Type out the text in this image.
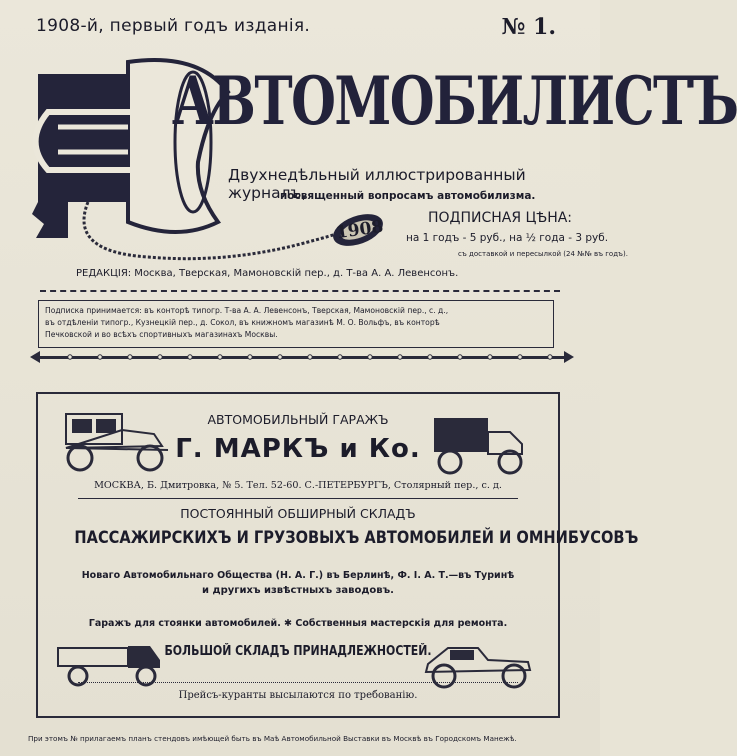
1908-й, первый годъ изданія.	№ 1.
1908
АВТОМОБИЛИСТЪ
Двухнедѣльный иллюстрированный журналъ,
посвященный вопросамъ автомобилизма.
ПОДПИСНАЯ ЦѢНА:
на 1 годъ - 5 руб., на ½ года - 3 руб.
съ доставкой и пересылкой (24 №№ въ годъ).
РЕДАКЦІЯ: Москва, Тверская, Мамоновскій пер., д. Т-ва А. А. Левенсонъ.
Подписка принимается: въ конторѣ типогр. Т-ва А. А. Левенсонъ, Тверская, Мамоновскій пер., с. д.,
въ отдѣленіи типогр., Кузнецкій пер., д. Сокол, въ книжномъ магазинѣ М. О. Вольфъ, въ конторѣ
Печковской и во всѣхъ спортивныхъ магазинахъ Москвы.
АВТОМОБИЛЬНЫЙ ГАРАЖЪ
Г. МАРКЪ и Ко.
МОСКВА, Б. Дмитровка, № 5. Тел. 52-60. С.-ПЕТЕРБУРГЪ, Столярный пер., с. д.
ПОСТОЯННЫЙ ОБШИРНЫЙ СКЛАДЪ
ПАССАЖИРСКИХЪ И ГРУЗОВЫХЪ АВТОМОБИЛЕЙ И ОМНИБУСОВЪ
Новаго Автомобильнаго Общества (Н. А. Г.) въ Берлинѣ, Ф. І. А. Т.—въ Туринѣ
и другихъ извѣстныхъ заводовъ.
Гаражъ для стоянки автомобилей. ✱ Собственныя мастерскія для ремонта.
БОЛЬШОЙ СКЛАДЪ ПРИНАДЛЕЖНОСТЕЙ.
Прейсъ-куранты высылаются по требованію.
При этомъ № прилагаемъ планъ стендовъ имѣющей быть въ Маѣ Автомобильной Выставки въ Москвѣ въ Городскомъ Манежѣ.
